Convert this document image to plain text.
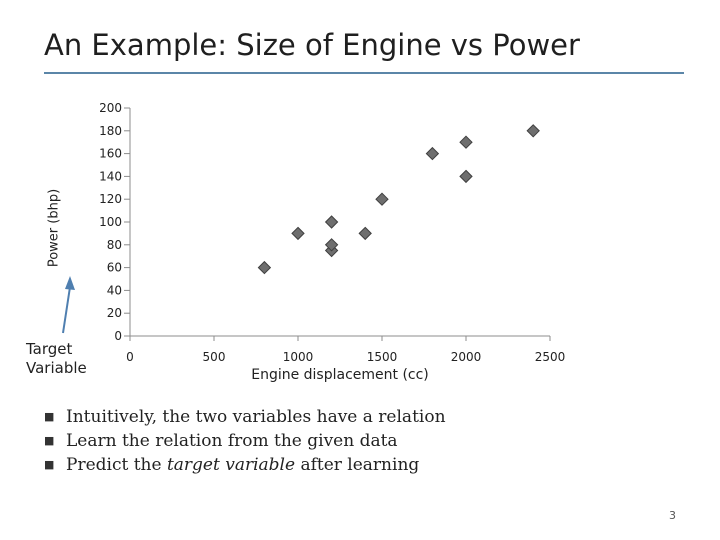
An Example: Size of Engine vs Power
0
20
40
60
80
100
120
140
160
180
200
0	500	1000	1500	2000	2500
Power (bhp)
Engine displacement (cc)
Target
Variable
■ Intuitively, the two variables have a relation
■ Learn the relation from the given data
■ Predict the target variable after learning
3
